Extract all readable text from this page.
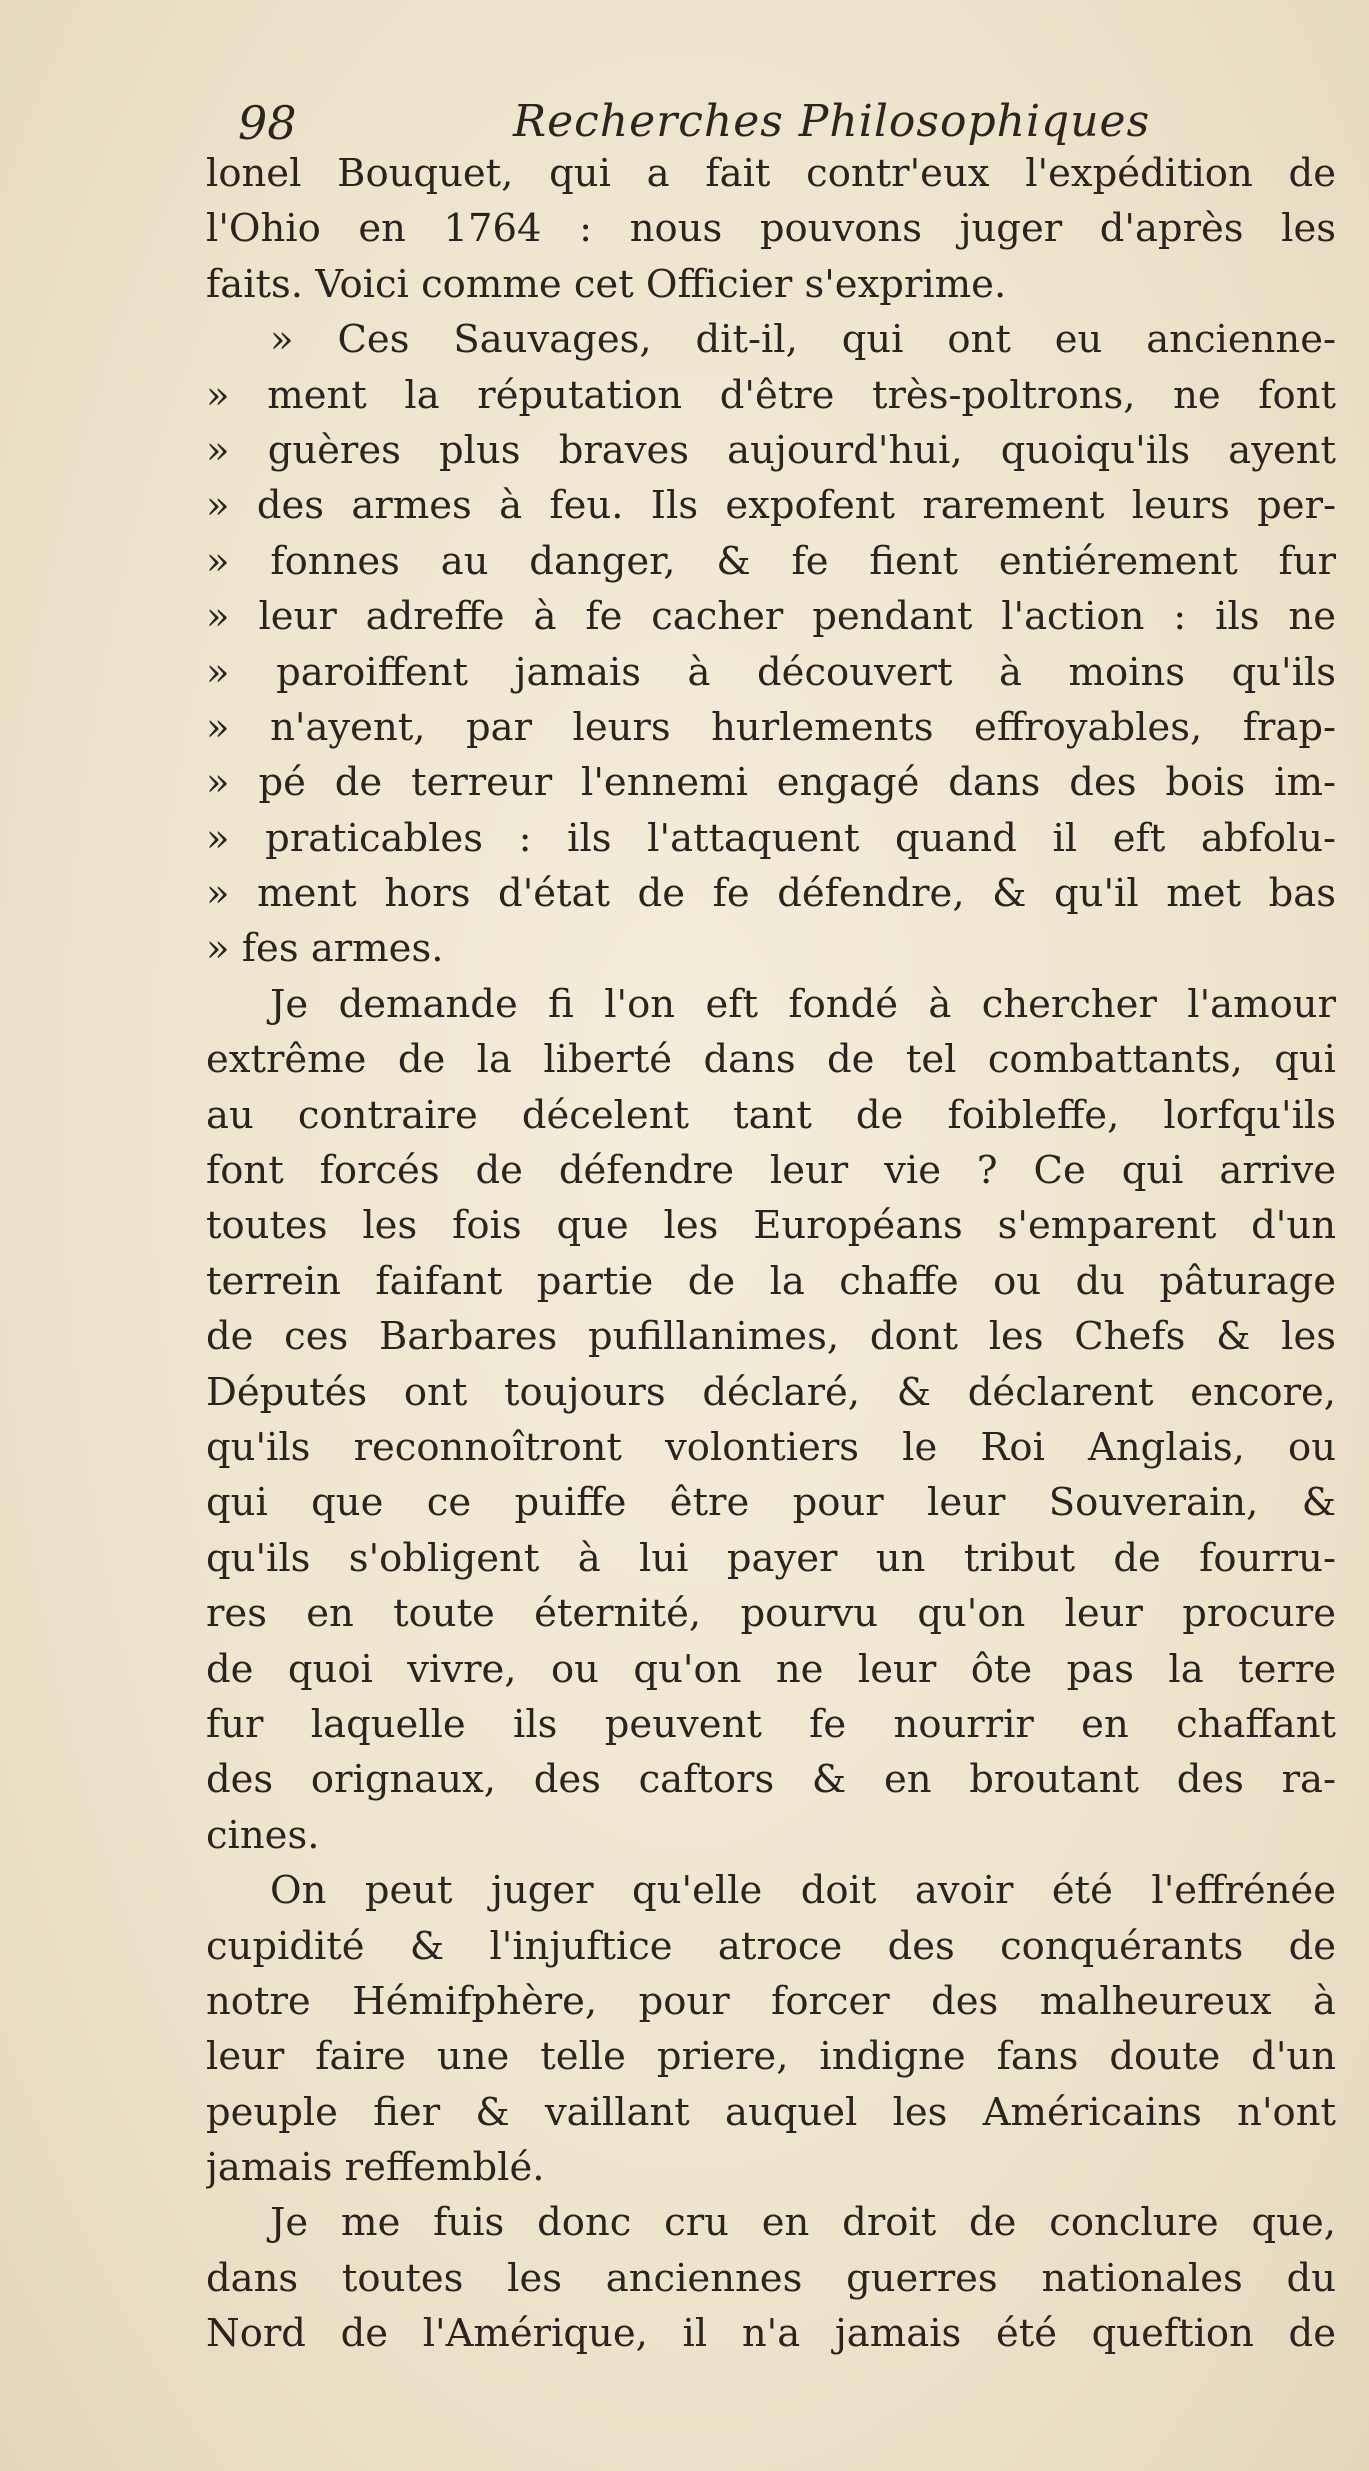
98	Recherches Philosophiques
lonel Bouquet, qui a fait contr'eux l'expédition de
l'Ohio en 1764 : nous pouvons juger d'après les
faits. Voici comme cet Officier s'exprime.
» Ces Sauvages, dit-il, qui ont eu ancienne-
» ment la réputation d'être très-poltrons, ne font
» guères plus braves aujourd'hui, quoiqu'ils ayent
» des armes à feu. Ils expofent rarement leurs per-
» fonnes au danger, & fe fient entiérement fur
» leur adreffe à fe cacher pendant l'action : ils ne
» paroiffent jamais à découvert à moins qu'ils
» n'ayent, par leurs hurlements effroyables, frap-
» pé de terreur l'ennemi engagé dans des bois im-
» praticables : ils l'attaquent quand il eft abfolu-
» ment hors d'état de fe défendre, & qu'il met bas
» fes armes.
Je demande fi l'on eft fondé à chercher l'amour
extrême de la liberté dans de tel combattants, qui
au contraire décelent tant de foibleffe, lorfqu'ils
font forcés de défendre leur vie ? Ce qui arrive
toutes les fois que les Européans s'emparent d'un
terrein faifant partie de la chaffe ou du pâturage
de ces Barbares pufillanimes, dont les Chefs & les
Députés ont toujours déclaré, & déclarent encore,
qu'ils reconnoîtront volontiers le Roi Anglais, ou
qui que ce puiffe être pour leur Souverain, &
qu'ils s'obligent à lui payer un tribut de fourru-
res en toute éternité, pourvu qu'on leur procure
de quoi vivre, ou qu'on ne leur ôte pas la terre
fur laquelle ils peuvent fe nourrir en chaffant
des orignaux, des caftors & en broutant des ra-
cines.
On peut juger qu'elle doit avoir été l'effrénée
cupidité & l'injuftice atroce des conquérants de
notre Hémifphère, pour forcer des malheureux à
leur faire une telle priere, indigne fans doute d'un
peuple fier & vaillant auquel les Américains n'ont
jamais reffemblé.
Je me fuis donc cru en droit de conclure que,
dans toutes les anciennes guerres nationales du
Nord de l'Amérique, il n'a jamais été queftion de
